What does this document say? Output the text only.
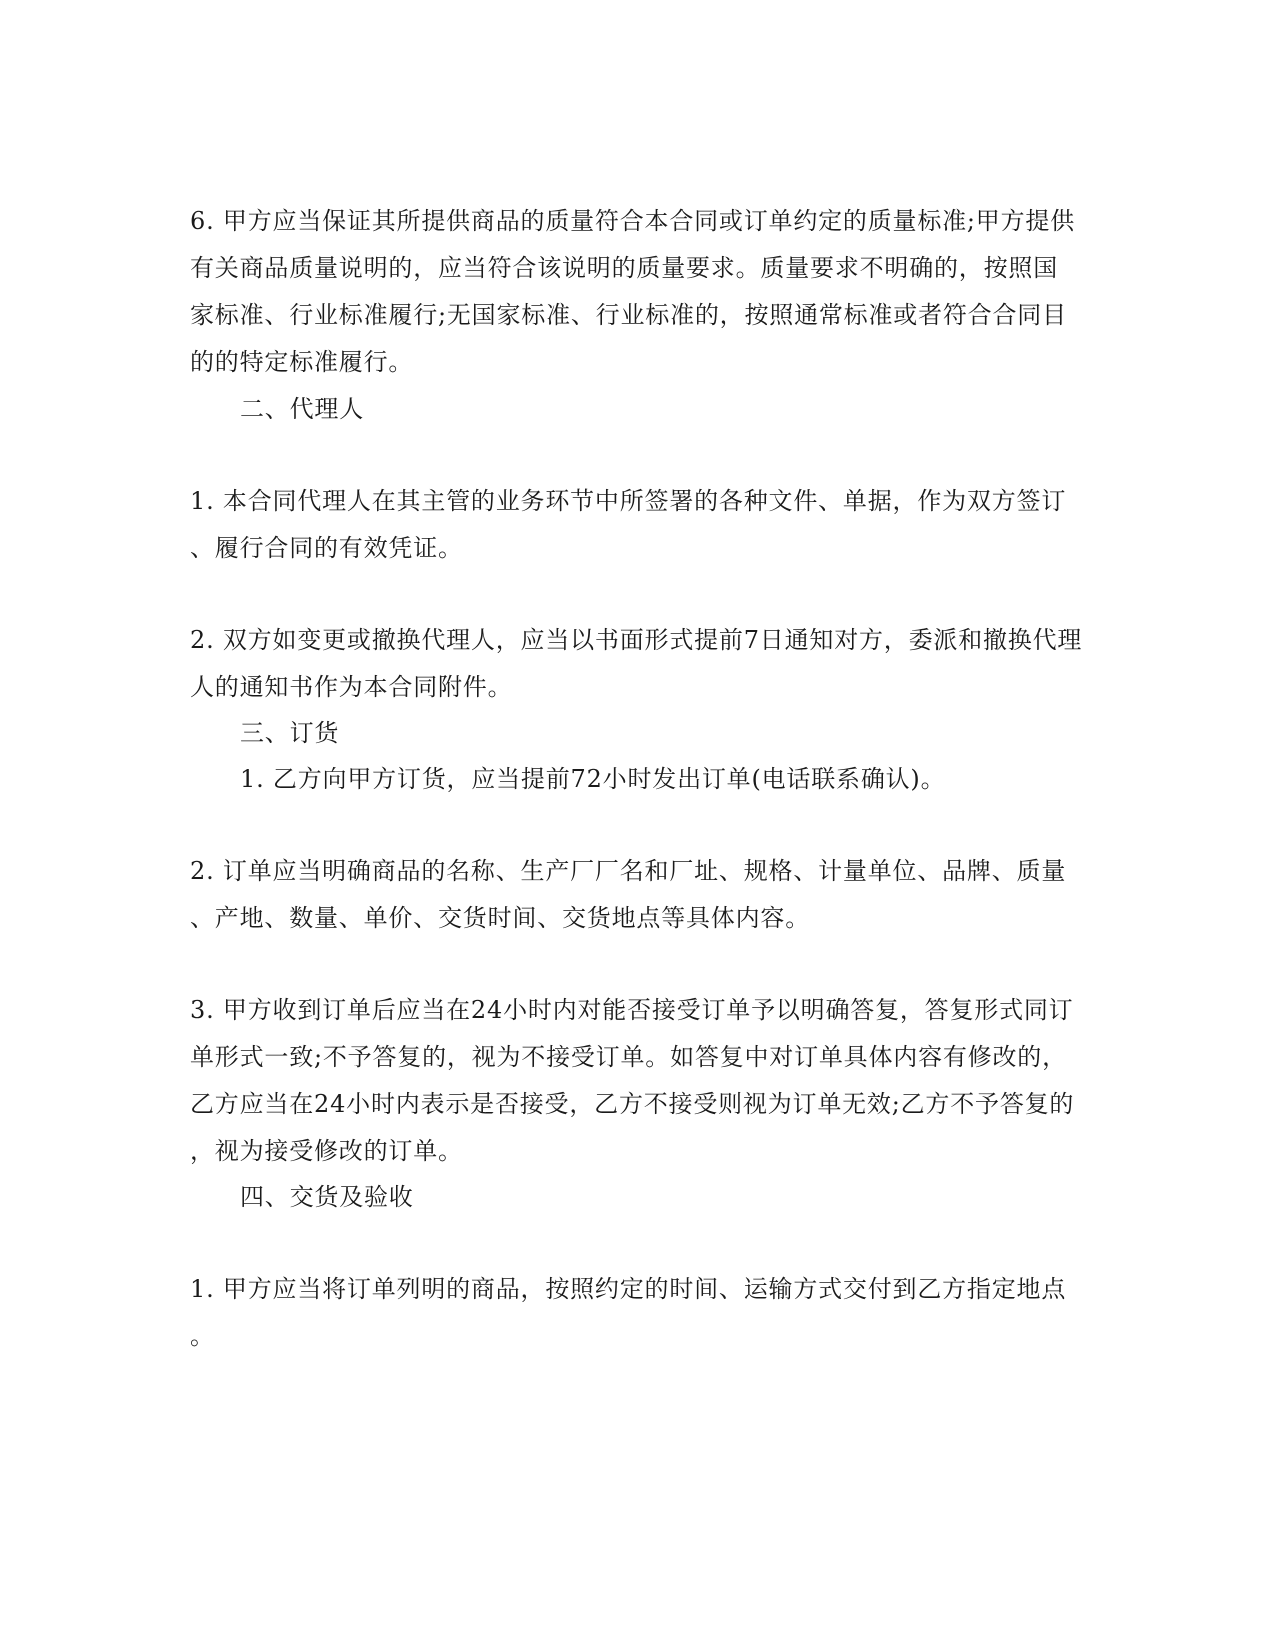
6. 甲方应当保证其所提供商品的质量符合本合同或订单约定的质量标准;甲方提供
有关商品质量说明的，应当符合该说明的质量要求。质量要求不明确的，按照国
家标准、行业标准履行;无国家标准、行业标准的，按照通常标准或者符合合同目
的的特定标准履行。
二、代理人
1. 本合同代理人在其主管的业务环节中所签署的各种文件、单据，作为双方签订
、履行合同的有效凭证。
2. 双方如变更或撤换代理人，应当以书面形式提前7日通知对方，委派和撤换代理
人的通知书作为本合同附件。
三、订货
1. 乙方向甲方订货，应当提前72小时发出订单(电话联系确认)。
2. 订单应当明确商品的名称、生产厂厂名和厂址、规格、计量单位、品牌、质量
、产地、数量、单价、交货时间、交货地点等具体内容。
3. 甲方收到订单后应当在24小时内对能否接受订单予以明确答复，答复形式同订
单形式一致;不予答复的，视为不接受订单。如答复中对订单具体内容有修改的，
乙方应当在24小时内表示是否接受，乙方不接受则视为订单无效;乙方不予答复的
，视为接受修改的订单。
四、交货及验收
1. 甲方应当将订单列明的商品，按照约定的时间、运输方式交付到乙方指定地点
。
